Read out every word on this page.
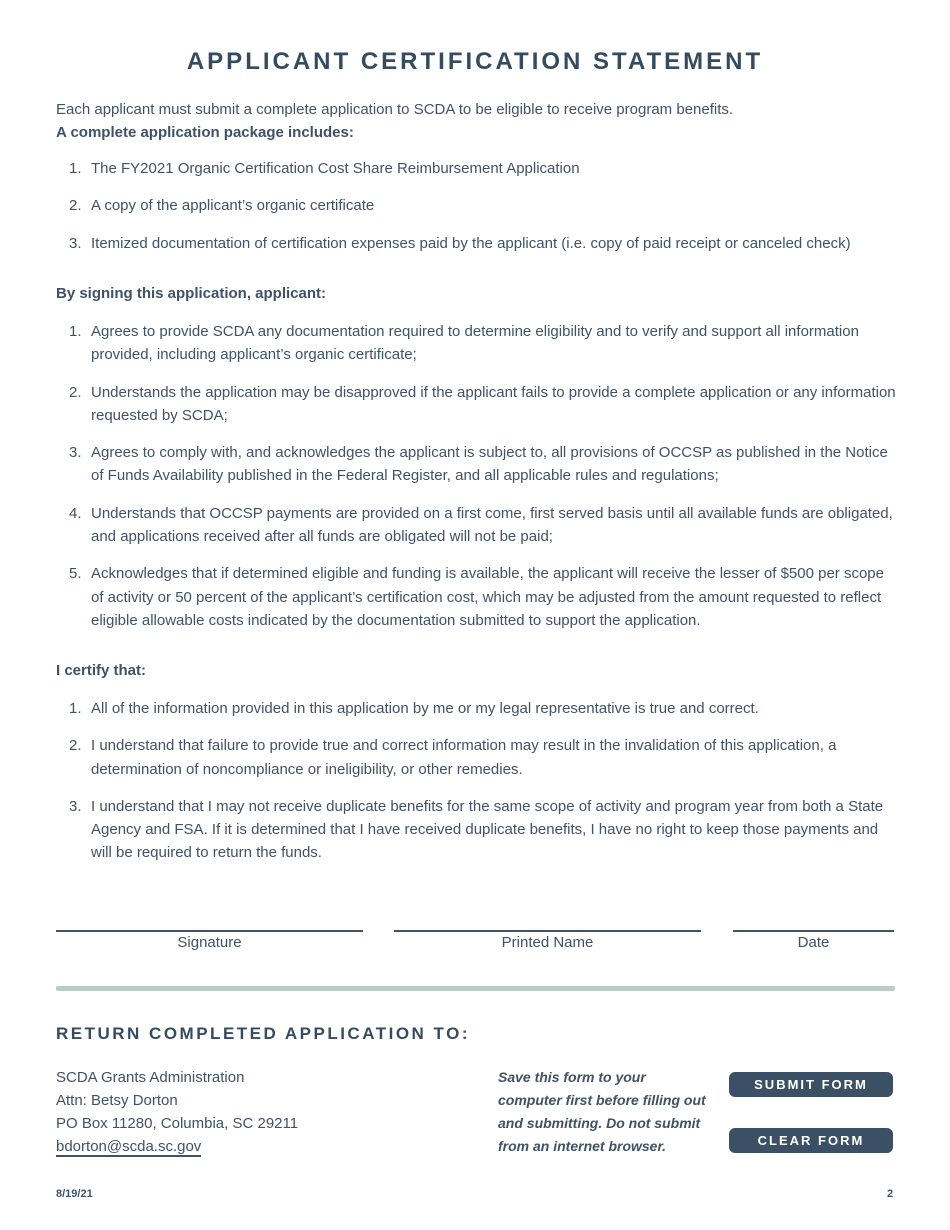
APPLICANT CERTIFICATION STATEMENT
Each applicant must submit a complete application to SCDA to be eligible to receive program benefits.
A complete application package includes:
1. The FY2021 Organic Certification Cost Share Reimbursement Application
2. A copy of the applicant’s organic certificate
3. Itemized documentation of certification expenses paid by the applicant (i.e. copy of paid receipt or canceled check)
By signing this application, applicant:
1. Agrees to provide SCDA any documentation required to determine eligibility and to verify and support all information provided, including applicant’s organic certificate;
2. Understands the application may be disapproved if the applicant fails to provide a complete application or any information requested by SCDA;
3. Agrees to comply with, and acknowledges the applicant is subject to, all provisions of OCCSP as published in the Notice of Funds Availability published in the Federal Register, and all applicable rules and regulations;
4. Understands that OCCSP payments are provided on a first come, first served basis until all available funds are obligated, and applications received after all funds are obligated will not be paid;
5. Acknowledges that if determined eligible and funding is available, the applicant will receive the lesser of $500 per scope of activity or 50 percent of the applicant’s certification cost, which may be adjusted from the amount requested to reflect eligible allowable costs indicated by the documentation submitted to support the application.
I certify that:
1. All of the information provided in this application by me or my legal representative is true and correct.
2. I understand that failure to provide true and correct information may result in the invalidation of this application, a determination of noncompliance or ineligibility, or other remedies.
3. I understand that I may not receive duplicate benefits for the same scope of activity and program year from both a State Agency and FSA. If it is determined that I have received duplicate benefits, I have no right to keep those payments and will be required to return the funds.
Signature	Printed Name	Date
RETURN COMPLETED APPLICATION TO:
SCDA Grants Administration
Attn: Betsy Dorton
PO Box 11280, Columbia, SC 29211
bdorton@scda.sc.gov
Save this form to your
computer first before filling out
and submitting. Do not submit
from an internet browser.
SUBMIT FORM
CLEAR FORM
8/19/21	2
